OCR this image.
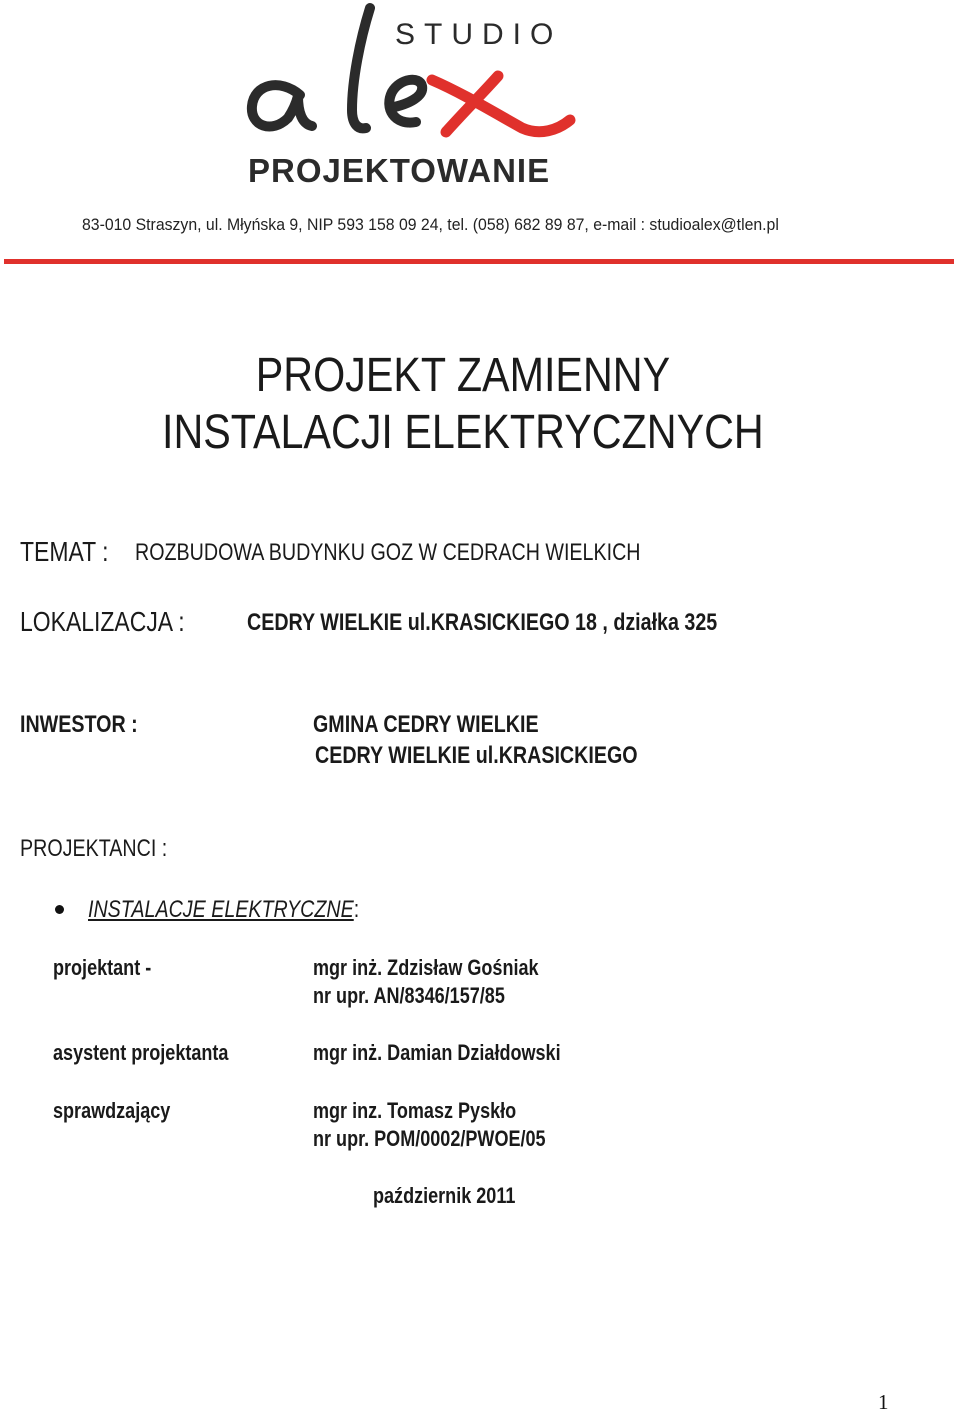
STUDIO
PROJEKTOWANIE
83-010 Straszyn, ul. Młyńska 9, NIP 593 158 09 24, tel. (058) 682 89 87, e-mail : studioalex@tlen.pl
PROJEKT ZAMIENNY
INSTALACJI ELEKTRYCZNYCH
TEMAT :	ROZBUDOWA BUDYNKU GOZ W CEDRACH WIELKICH
LOKALIZACJA :	CEDRY WIELKIE ul.KRASICKIEGO 18 , działka 325
INWESTOR :	GMINA CEDRY WIELKIE
CEDRY WIELKIE ul.KRASICKIEGO
PROJEKTANCI :
INSTALACJE ELEKTRYCZNE:
projektant -	mgr inż. Zdzisław Gośniak
nr upr. AN/8346/157/85
asystent projektanta	mgr inż. Damian Działdowski
sprawdzający	mgr inz. Tomasz Pyskło
nr upr. POM/0002/PWOE/05
październik 2011
1
